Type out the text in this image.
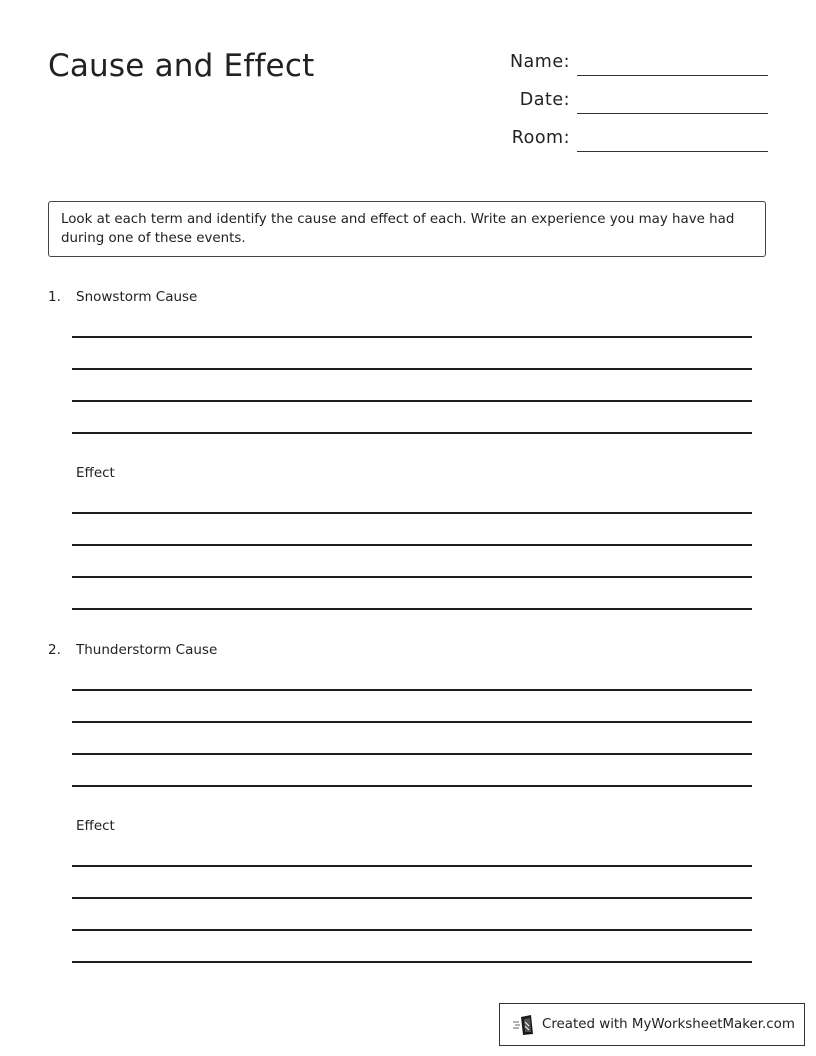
Cause and Effect	Name:
Date:
Room:
Look at each term and identify the cause and effect of each. Write an experience you may have had during one of these events.
1. Snowstorm Cause
Effect
2. Thunderstorm Cause
Effect
Created with MyWorksheetMaker.com
